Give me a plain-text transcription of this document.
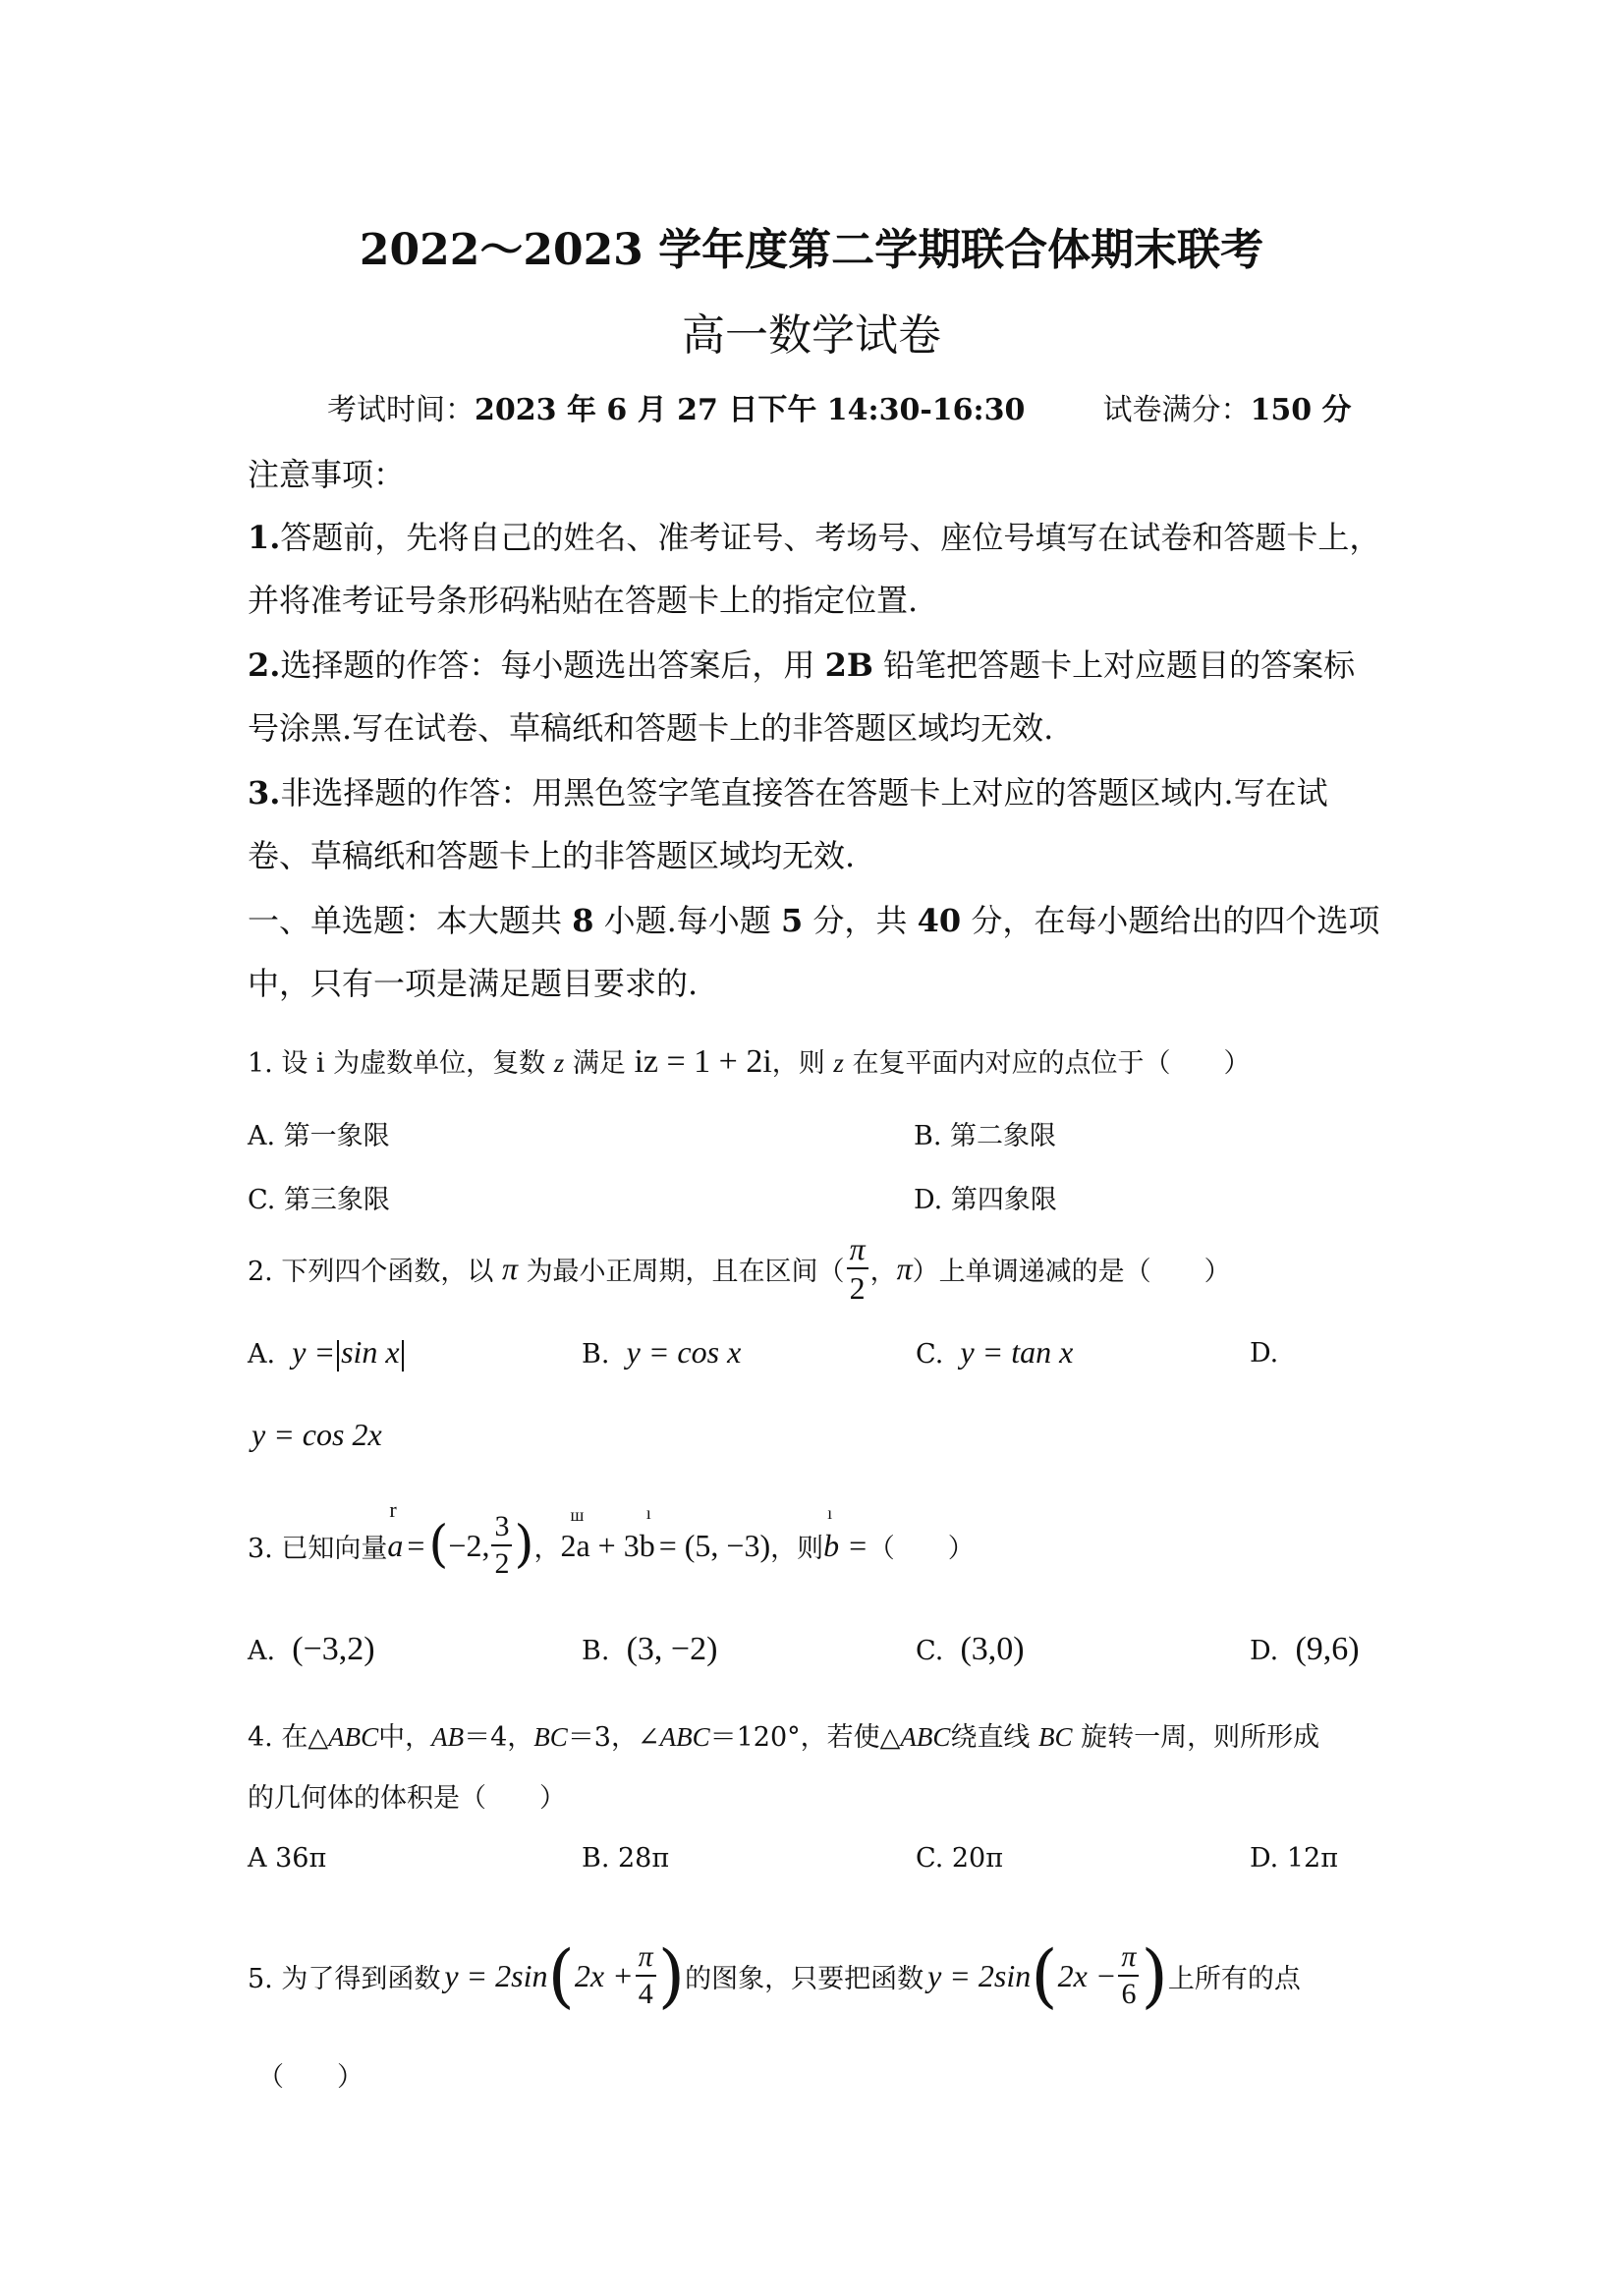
2022～2023 学年度第二学期联合体期末联考
高一数学试卷
考试时间：2023 年 6 月 27 日下午 14:30-16:30	试卷满分：150 分
注意事项：
1.答题前，先将自己的姓名、准考证号、考场号、座位号填写在试卷和答题卡上，
并将准考证号条形码粘贴在答题卡上的指定位置.
2.选择题的作答：每小题选出答案后，用 2B 铅笔把答题卡上对应题目的答案标
号涂黑.写在试卷、草稿纸和答题卡上的非答题区域均无效.
3.非选择题的作答：用黑色签字笔直接答在答题卡上对应的答题区域内.写在试
卷、草稿纸和答题卡上的非答题区域均无效.
一、单选题：本大题共 8 小题.每小题 5 分，共 40 分，在每小题给出的四个选项
中，只有一项是满足题目要求的.
1. 设 i 为虚数单位，复数 z 满足 iz = 1 + 2i，则 z 在复平面内对应的点位于（　　）
A. 第一象限	B. 第二象限
C. 第三象限	D. 第四象限
2. 下列四个函数，以
π
为最小正周期，且在区间（ $\frac{\pi}{2}$ ， π ）上单调递减的是（　　）
A. y = sin x	B. y = cos x	C. y = tan x	D.
y = cos 2x
3. 已知向量
r
a = ( −2, $\frac{3}{2}$ ) ，
ш
2a + 3b
ı
= (5, −3) ，则
ı
b = （　　）
A. (−3,2)	B. (3, −2)	C. (3,0)	D. (9,6)
4. 在△ABC中，AB＝4，BC＝3，∠ABC＝120°，若使△ABC绕直线 BC 旋转一周，则所形成
的几何体的体积是（　　）
A 36π	B. 28π	C. 20π	D. 12π
5. 为了得到函数 y = 2sin ( $2x + \frac{\pi}{4}$ ) 的图象，只要把函数 y = 2sin ( $2x - \frac{\pi}{6}$ ) 上所有的点
（　　）
